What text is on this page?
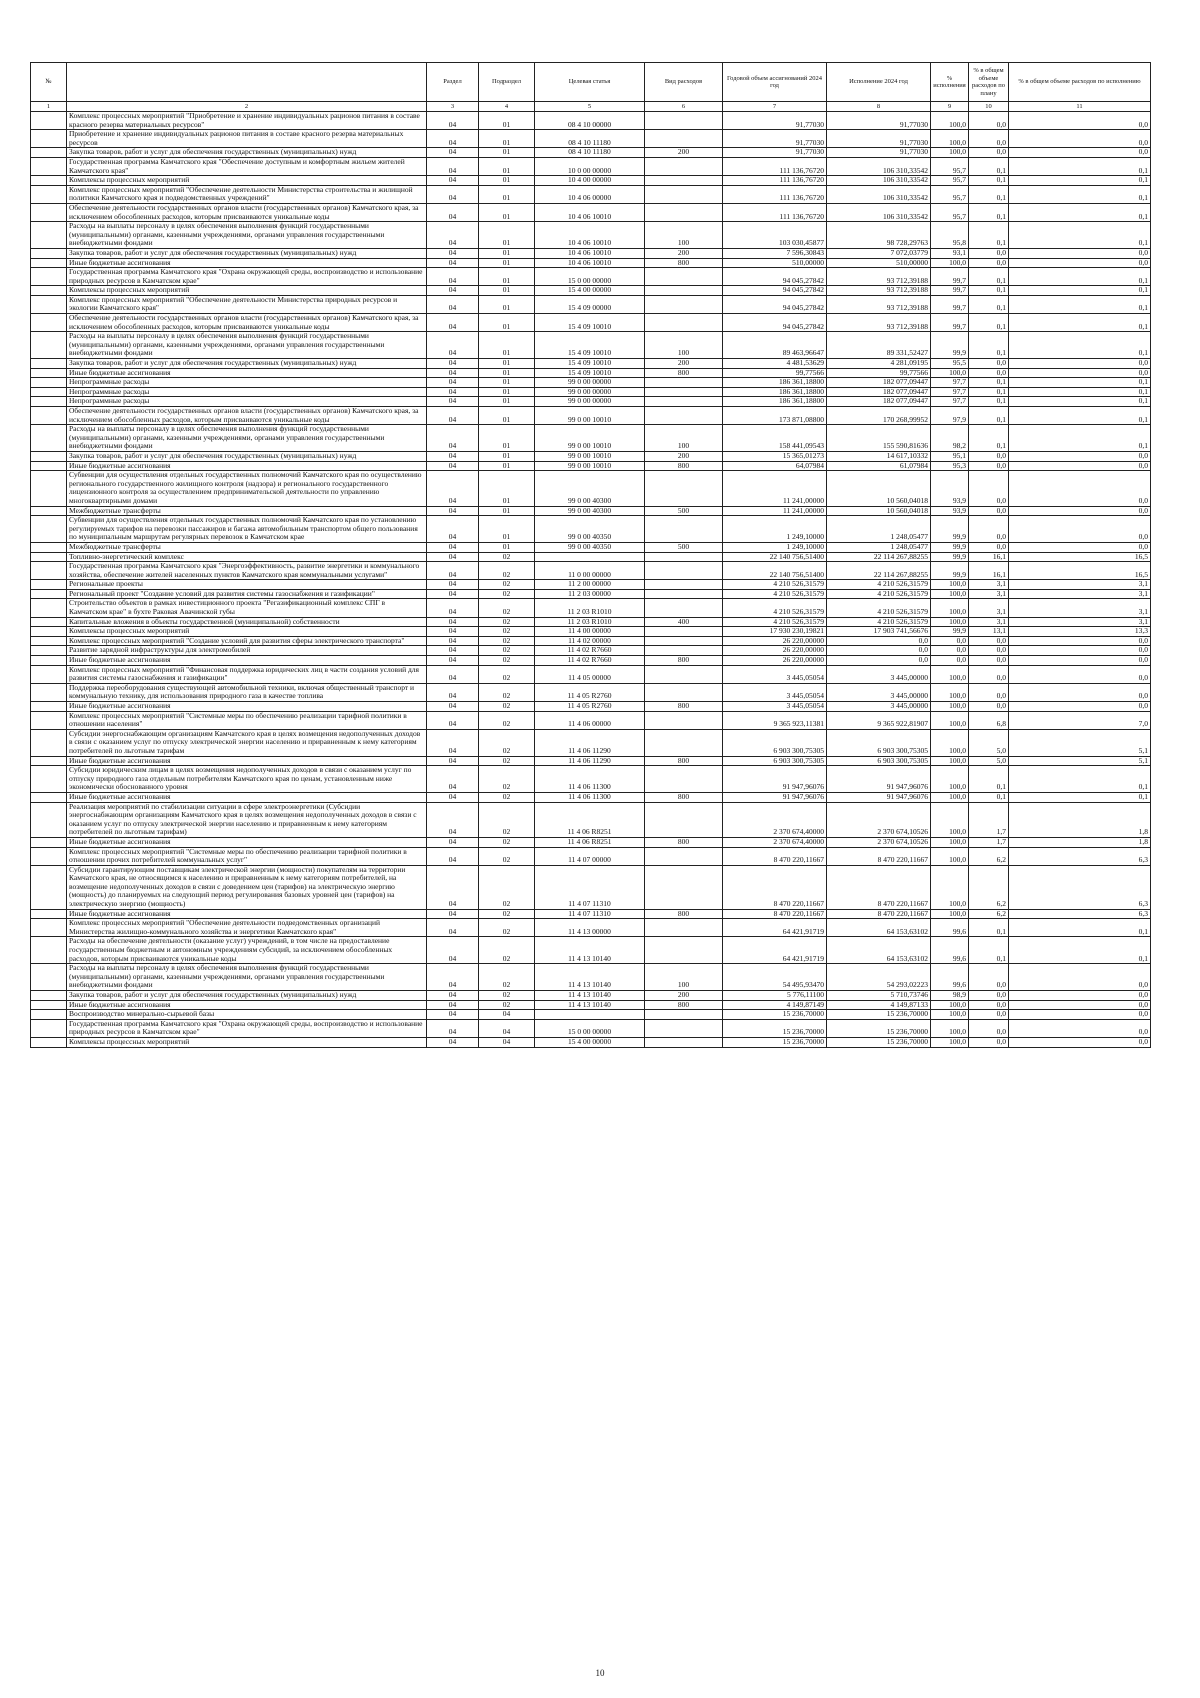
№		Раздел	Подраздел	Целевая статья	Вид расходов	Годовой объем ассигнований 2024 год	Исполнение 2024 год	% исполнения	% в общем объеме расходов по плану	% в общем объеме расходов по исполнению
1	2	3	4	5	6	7	8	9	10	11
	Комплекс процессных мероприятий "Приобретение и хранение индивидуальных рационов питания в составе красного резерва материальных ресурсов"	04	01	08 4 10 00000		91,77030	91,77030	100,0	0,0	0,0
	Приобретение и хранение индивидуальных рационов питания в составе красного резерва материальных ресурсов	04	01	08 4 10 11180		91,77030	91,77030	100,0	0,0	0,0
	Закупка товаров, работ и услуг для обеспечения государственных (муниципальных) нужд	04	01	08 4 10 11180	200	91,77030	91,77030	100,0	0,0	0,0
	Государственная программа Камчатского края "Обеспечение доступным и комфортным жильем жителей Камчатского края"	04	01	10 0 00 00000		111 136,76720	106 310,33542	95,7	0,1	0,1
	Комплексы процессных мероприятий	04	01	10 4 00 00000		111 136,76720	106 310,33542	95,7	0,1	0,1
	Комплекс процессных мероприятий "Обеспечение деятельности Министерства строительства и жилищной политики Камчатского края и подведомственных учреждений"	04	01	10 4 06 00000		111 136,76720	106 310,33542	95,7	0,1	0,1
	Обеспечение деятельности государственных органов власти (государственных органов) Камчатского края, за исключением обособленных расходов, которым присваиваются уникальные коды	04	01	10 4 06 10010		111 136,76720	106 310,33542	95,7	0,1	0,1
	Расходы на выплаты персоналу в целях обеспечения выполнения функций государственными (муниципальными) органами, казенными учреждениями, органами управления государственными внебюджетными фондами	04	01	10 4 06 10010	100	103 030,45877	98 728,29763	95,8	0,1	0,1
	Закупка товаров, работ и услуг для обеспечения государственных (муниципальных) нужд	04	01	10 4 06 10010	200	7 596,30843	7 072,03779	93,1	0,0	0,0
	Иные бюджетные ассигнования	04	01	10 4 06 10010	800	510,00000	510,00000	100,0	0,0	0,0
	Государственная программа Камчатского края "Охрана окружающей среды, воспроизводство и использование природных ресурсов в Камчатском крае"	04	01	15 0 00 00000		94 045,27842	93 712,39188	99,7	0,1	0,1
	Комплексы процессных мероприятий	04	01	15 4 00 00000		94 045,27842	93 712,39188	99,7	0,1	0,1
	Комплекс процессных мероприятий "Обеспечение деятельности Министерства природных ресурсов и экологии Камчатского края"	04	01	15 4 09 00000		94 045,27842	93 712,39188	99,7	0,1	0,1
	Обеспечение деятельности государственных органов власти (государственных органов) Камчатского края, за исключением обособленных расходов, которым присваиваются уникальные коды	04	01	15 4 09 10010		94 045,27842	93 712,39188	99,7	0,1	0,1
	Расходы на выплаты персоналу в целях обеспечения выполнения функций государственными (муниципальными) органами, казенными учреждениями, органами управления государственными внебюджетными фондами	04	01	15 4 09 10010	100	89 463,96647	89 331,52427	99,9	0,1	0,1
	Закупка товаров, работ и услуг для обеспечения государственных (муниципальных) нужд	04	01	15 4 09 10010	200	4 481,53629	4 281,09195	95,5	0,0	0,0
	Иные бюджетные ассигнования	04	01	15 4 09 10010	800	99,77566	99,77566	100,0	0,0	0,0
	Непрограммные расходы	04	01	99 0 00 00000		186 361,18800	182 077,09447	97,7	0,1	0,1
	Непрограммные расходы	04	01	99 0 00 00000		186 361,18800	182 077,09447	97,7	0,1	0,1
	Непрограммные расходы	04	01	99 0 00 00000		186 361,18800	182 077,09447	97,7	0,1	0,1
	Обеспечение деятельности государственных органов власти (государственных органов) Камчатского края, за исключением обособленных расходов, которым присваиваются уникальные коды	04	01	99 0 00 10010		173 871,08800	170 268,99952	97,9	0,1	0,1
	Расходы на выплаты персоналу в целях обеспечения выполнения функций государственными (муниципальными) органами, казенными учреждениями, органами управления государственными внебюджетными фондами	04	01	99 0 00 10010	100	158 441,09543	155 590,81636	98,2	0,1	0,1
	Закупка товаров, работ и услуг для обеспечения государственных (муниципальных) нужд	04	01	99 0 00 10010	200	15 365,01273	14 617,10332	95,1	0,0	0,0
	Иные бюджетные ассигнования	04	01	99 0 00 10010	800	64,07984	61,07984	95,3	0,0	0,0
	Субвенции для осуществления отдельных государственных полномочий Камчатского края по осуществлению регионального государственного жилищного контроля (надзора) и регионального государственного лицензионного контроля за осуществлением предпринимательской деятельности по управлению многоквартирными домами	04	01	99 0 00 40300		11 241,00000	10 560,04018	93,9	0,0	0,0
	Межбюджетные трансферты	04	01	99 0 00 40300	500	11 241,00000	10 560,04018	93,9	0,0	0,0
	Субвенции для осуществления отдельных государственных полномочий Камчатского края по установлению регулируемых тарифов на перевозки пассажиров и багажа автомобильным транспортом общего пользования по муниципальным маршрутам регулярных перевозок в Камчатском крае	04	01	99 0 00 40350		1 249,10000	1 248,05477	99,9	0,0	0,0
	Межбюджетные трансферты	04	01	99 0 00 40350	500	1 249,10000	1 248,05477	99,9	0,0	0,0
	Топливно-энергетический комплекс	04	02			22 140 756,51400	22 114 267,88255	99,9	16,1	16,5
	Государственная программа Камчатского края "Энергоэффективность, развитие энергетики и коммунального хозяйства, обеспечение жителей населенных пунктов Камчатского края коммунальными услугами"	04	02	11 0 00 00000		22 140 756,51400	22 114 267,88255	99,9	16,1	16,5
	Региональные проекты	04	02	11 2 00 00000		4 210 526,31579	4 210 526,31579	100,0	3,1	3,1
	Региональный проект "Создание условий для развития системы газоснабжения и газификации"	04	02	11 2 03 00000		4 210 526,31579	4 210 526,31579	100,0	3,1	3,1
	Строительство объектов в рамках инвестиционного проекта "Регазификационный комплекс СПГ в Камчатском крае" в бухте Раковая Авачинской губы	04	02	11 2 03 R1010		4 210 526,31579	4 210 526,31579	100,0	3,1	3,1
	Капитальные вложения в объекты государственной (муниципальной) собственности	04	02	11 2 03 R1010	400	4 210 526,31579	4 210 526,31579	100,0	3,1	3,1
	Комплексы процессных мероприятий	04	02	11 4 00 00000		17 930 230,19821	17 903 741,56676	99,9	13,1	13,3
	Комплекс процессных мероприятий "Создание условий для развития сферы электрического транспорта"	04	02	11 4 02 00000		26 220,00000	0,0	0,0	0,0	0,0
	Развитие зарядной инфраструктуры для электромобилей	04	02	11 4 02 R7660		26 220,00000	0,0	0,0	0,0	0,0
	Иные бюджетные ассигнования	04	02	11 4 02 R7660	800	26 220,00000	0,0	0,0	0,0	0,0
	Комплекс процессных мероприятий "Финансовая поддержка юридических лиц в части создания условий для развития системы газоснабжения и газификации"	04	02	11 4 05 00000		3 445,05054	3 445,00000	100,0	0,0	0,0
	Поддержка переоборудования существующей автомобильной техники, включая общественный транспорт и коммунальную технику, для использования природного газа в качестве топлива	04	02	11 4 05 R2760		3 445,05054	3 445,00000	100,0	0,0	0,0
	Иные бюджетные ассигнования	04	02	11 4 05 R2760	800	3 445,05054	3 445,00000	100,0	0,0	0,0
	Комплекс процессных мероприятий "Системные меры по обеспечению реализации тарифной политики в отношении населения"	04	02	11 4 06 00000		9 365 923,11381	9 365 922,81907	100,0	6,8	7,0
	Субсидии энергоснабжающим организациям Камчатского края в целях возмещения недополученных доходов в связи с оказанием услуг по отпуску электрической энергии населению и приравненным к нему категориям потребителей по льготным тарифам	04	02	11 4 06 11290		6 903 300,75305	6 903 300,75305	100,0	5,0	5,1
	Иные бюджетные ассигнования	04	02	11 4 06 11290	800	6 903 300,75305	6 903 300,75305	100,0	5,0	5,1
	Субсидии юридическим лицам в целях возмещения недополученных доходов в связи с оказанием услуг по отпуску природного газа отдельным потребителям Камчатского края по ценам, установленным ниже экономически обоснованного уровня	04	02	11 4 06 11300		91 947,96076	91 947,96076	100,0	0,1	0,1
	Иные бюджетные ассигнования	04	02	11 4 06 11300	800	91 947,96076	91 947,96076	100,0	0,1	0,1
	Реализация мероприятий по стабилизации ситуации в сфере электроэнергетики (Субсидии энергоснабжающим организациям Камчатского края в целях возмещения недополученных доходов в связи с оказанием услуг по отпуску электрической энергии населению и приравненным к нему категориям потребителей по льготным тарифам)	04	02	11 4 06 R8251		2 370 674,40000	2 370 674,10526	100,0	1,7	1,8
	Иные бюджетные ассигнования	04	02	11 4 06 R8251	800	2 370 674,40000	2 370 674,10526	100,0	1,7	1,8
	Комплекс процессных мероприятий "Системные меры по обеспечению реализации тарифной политики в отношении прочих потребителей коммунальных услуг"	04	02	11 4 07 00000		8 470 220,11667	8 470 220,11667	100,0	6,2	6,3
	Субсидии гарантирующим поставщикам электрической энергии (мощности) покупателям на территории Камчатского края, не относящимся к населению и приравненным к нему категориям потребителей, на возмещение недополученных доходов в связи с доведением цен (тарифов) на электрическую энергию (мощность) до планируемых на следующий период регулирования базовых уровней цен (тарифов) на электрическую энергию (мощность)	04	02	11 4 07 11310		8 470 220,11667	8 470 220,11667	100,0	6,2	6,3
	Иные бюджетные ассигнования	04	02	11 4 07 11310	800	8 470 220,11667	8 470 220,11667	100,0	6,2	6,3
	Комплекс процессных мероприятий "Обеспечение деятельности подведомственных организаций Министерства жилищно-коммунального хозяйства и энергетики Камчатского края"	04	02	11 4 13 00000		64 421,91719	64 153,63102	99,6	0,1	0,1
	Расходы на обеспечение деятельности (оказание услуг) учреждений, в том числе на предоставление государственным бюджетным и автономным учреждениям субсидий, за исключением обособленных расходов, которым присваиваются уникальные коды	04	02	11 4 13 10140		64 421,91719	64 153,63102	99,6	0,1	0,1
	Расходы на выплаты персоналу в целях обеспечения выполнения функций государственными (муниципальными) органами, казенными учреждениями, органами управления государственными внебюджетными фондами	04	02	11 4 13 10140	100	54 495,93470	54 293,02223	99,6	0,0	0,0
	Закупка товаров, работ и услуг для обеспечения государственных (муниципальных) нужд	04	02	11 4 13 10140	200	5 776,11100	5 710,73746	98,9	0,0	0,0
	Иные бюджетные ассигнования	04	02	11 4 13 10140	800	4 149,87149	4 149,87133	100,0	0,0	0,0
	Воспроизводство минерально-сырьевой базы	04	04			15 236,70000	15 236,70000	100,0	0,0	0,0
	Государственная программа Камчатского края "Охрана окружающей среды, воспроизводство и использование природных ресурсов в Камчатском крае"	04	04	15 0 00 00000		15 236,70000	15 236,70000	100,0	0,0	0,0
	Комплексы процессных мероприятий	04	04	15 4 00 00000		15 236,70000	15 236,70000	100,0	0,0	0,0
10
